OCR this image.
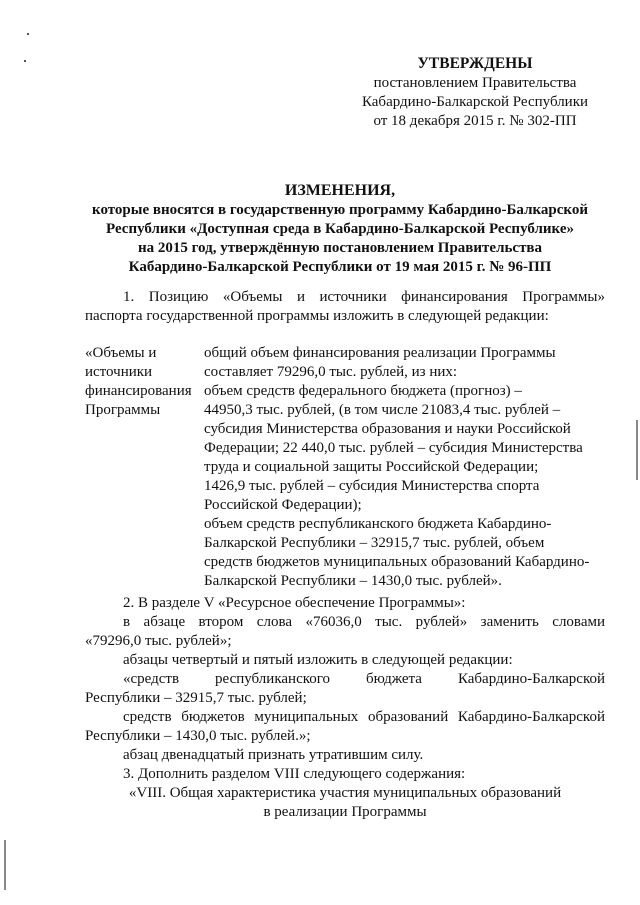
УТВЕРЖДЕНЫ
постановлением Правительства
Кабардино-Балкарской Республики
от 18 декабря 2015 г. № 302-ПП
ИЗМЕНЕНИЯ,
которые вносятся в государственную программу Кабардино-Балкарской
Республики «Доступная среда в Кабардино-Балкарской Республике»
на 2015 год, утверждённую постановлением Правительства
Кабардино-Балкарской Республики от 19 мая 2015 г. № 96-ПП
1. Позицию «Объемы и источники финансирования Программы»
паспорта государственной программы изложить в следующей редакции:
«Объемы и
источники
финансирования
Программы
общий объем финансирования реализации Программы
составляет 79296,0 тыс. рублей, из них:
объем средств федерального бюджета (прогноз) –
44950,3 тыс. рублей, (в том числе 21083,4 тыс. рублей –
субсидия Министерства образования и науки Российской
Федерации; 22 440,0 тыс. рублей – субсидия Министерства
труда и социальной защиты Российской Федерации;
1426,9 тыс. рублей – субсидия Министерства спорта
Российской Федерации);
объем средств республиканского бюджета Кабардино-
Балкарской Республики – 32915,7 тыс. рублей, объем
средств бюджетов муниципальных образований Кабардино-
Балкарской Республики – 1430,0 тыс. рублей».
2. В разделе V «Ресурсное обеспечение Программы»:
в абзаце втором слова «76036,0 тыс. рублей» заменить словами
«79296,0 тыс. рублей»;
абзацы четвертый и пятый изложить в следующей редакции:
«средств республиканского бюджета Кабардино-Балкарской
Республики – 32915,7 тыс. рублей;
средств бюджетов муниципальных образований Кабардино-Балкарской
Республики – 1430,0 тыс. рублей.»;
абзац двенадцатый признать утратившим силу.
3. Дополнить разделом VIII следующего содержания:
«VIII. Общая характеристика участия муниципальных образований
в реализации Программы
